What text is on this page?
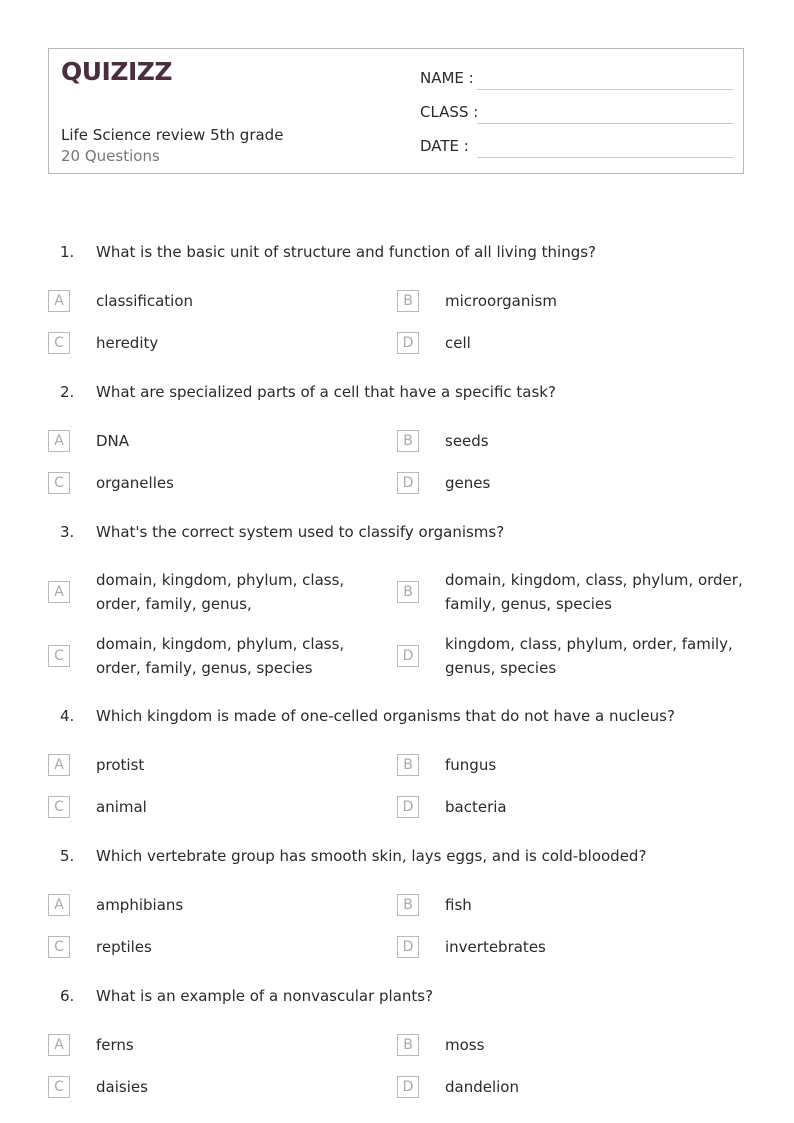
QUIZIZZ
Life Science review 5th grade
20 Questions
NAME :
CLASS :
DATE :
1. What is the basic unit of structure and function of all living things?
A	classification	B	microorganism
C	heredity	D	cell
2. What are specialized parts of a cell that have a specific task?
A	DNA	B	seeds
C	organelles	D	genes
3. What's the correct system used to classify organisms?
A
domain, kingdom, phylum, class, order, family, genus,
B
domain, kingdom, class, phylum, order, family, genus, species
C
domain, kingdom, phylum, class, order, family, genus, species
D
kingdom, class, phylum, order, family, genus, species
4. Which kingdom is made of one-celled organisms that do not have a nucleus?
A	protist	B	fungus
C	animal	D	bacteria
5. Which vertebrate group has smooth skin, lays eggs, and is cold-blooded?
A	amphibians	B	fish
C	reptiles	D	invertebrates
6. What is an example of a nonvascular plants?
A	ferns	B	moss
C	daisies	D	dandelion
